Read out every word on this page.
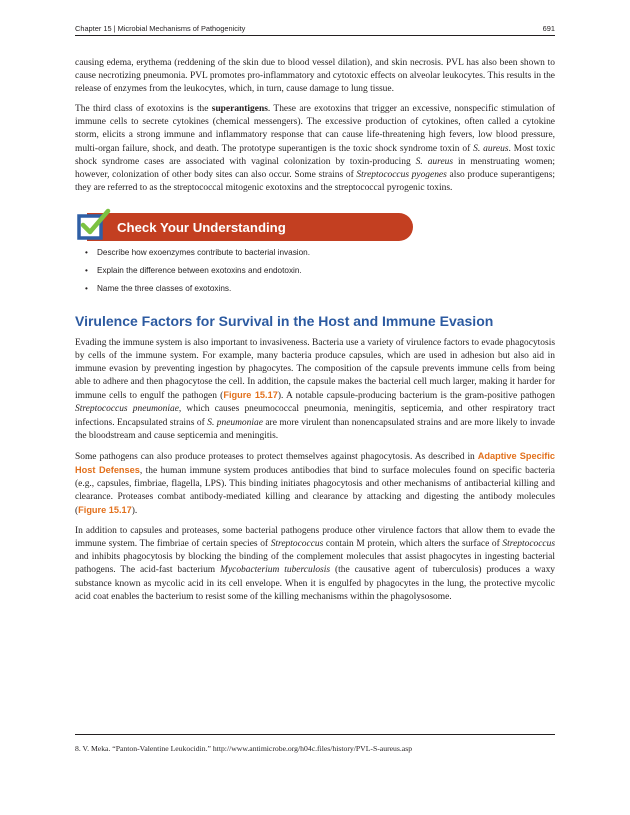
Chapter 15 | Microbial Mechanisms of Pathogenicity	691

causing edema, erythema (reddening of the skin due to blood vessel dilation), and skin necrosis. PVL has also been shown to cause necrotizing pneumonia. PVL promotes pro-inflammatory and cytotoxic effects on alveolar leukocytes. This results in the release of enzymes from the leukocytes, which, in turn, cause damage to lung tissue.

The third class of exotoxins is the superantigens. These are exotoxins that trigger an excessive, nonspecific stimulation of immune cells to secrete cytokines (chemical messengers). The excessive production of cytokines, often called a cytokine storm, elicits a strong immune and inflammatory response that can cause life-threatening high fevers, low blood pressure, multi-organ failure, shock, and death. The prototype superantigen is the toxic shock syndrome toxin of S. aureus. Most toxic shock syndrome cases are associated with vaginal colonization by toxin-producing S. aureus in menstruating women; however, colonization of other body sites can also occur. Some strains of Streptococcus pyogenes also produce superantigens; they are referred to as the streptococcal mitogenic exotoxins and the streptococcal pyrogenic toxins.

Check Your Understanding
• Describe how exoenzymes contribute to bacterial invasion.
• Explain the difference between exotoxins and endotoxin.
• Name the three classes of exotoxins.
Virulence Factors for Survival in the Host and Immune Evasion

Evading the immune system is also important to invasiveness. Bacteria use a variety of virulence factors to evade phagocytosis by cells of the immune system. For example, many bacteria produce capsules, which are used in adhesion but also aid in immune evasion by preventing ingestion by phagocytes. The composition of the capsule prevents immune cells from being able to adhere and then phagocytose the cell. In addition, the capsule makes the bacterial cell much larger, making it harder for immune cells to engulf the pathogen (Figure 15.17). A notable capsule-producing bacterium is the gram-positive pathogen Streptococcus pneumoniae, which causes pneumococcal pneumonia, meningitis, septicemia, and other respiratory tract infections. Encapsulated strains of S. pneumoniae are more virulent than nonencapsulated strains and are more likely to invade the bloodstream and cause septicemia and meningitis.

Some pathogens can also produce proteases to protect themselves against phagocytosis. As described in Adaptive Specific Host Defenses, the human immune system produces antibodies that bind to surface molecules found on specific bacteria (e.g., capsules, fimbriae, flagella, LPS). This binding initiates phagocytosis and other mechanisms of antibacterial killing and clearance. Proteases combat antibody-mediated killing and clearance by attacking and digesting the antibody molecules (Figure 15.17).

In addition to capsules and proteases, some bacterial pathogens produce other virulence factors that allow them to evade the immune system. The fimbriae of certain species of Streptococcus contain M protein, which alters the surface of Streptococcus and inhibits phagocytosis by blocking the binding of the complement molecules that assist phagocytes in ingesting bacterial pathogens. The acid-fast bacterium Mycobacterium tuberculosis (the causative agent of tuberculosis) produces a waxy substance known as mycolic acid in its cell envelope. When it is engulfed by phagocytes in the lung, the protective mycolic acid coat enables the bacterium to resist some of the killing mechanisms within the phagolysosome.

8. V. Meka. “Panton-Valentine Leukocidin.” http://www.antimicrobe.org/h04c.files/history/PVL-S-aureus.asp
